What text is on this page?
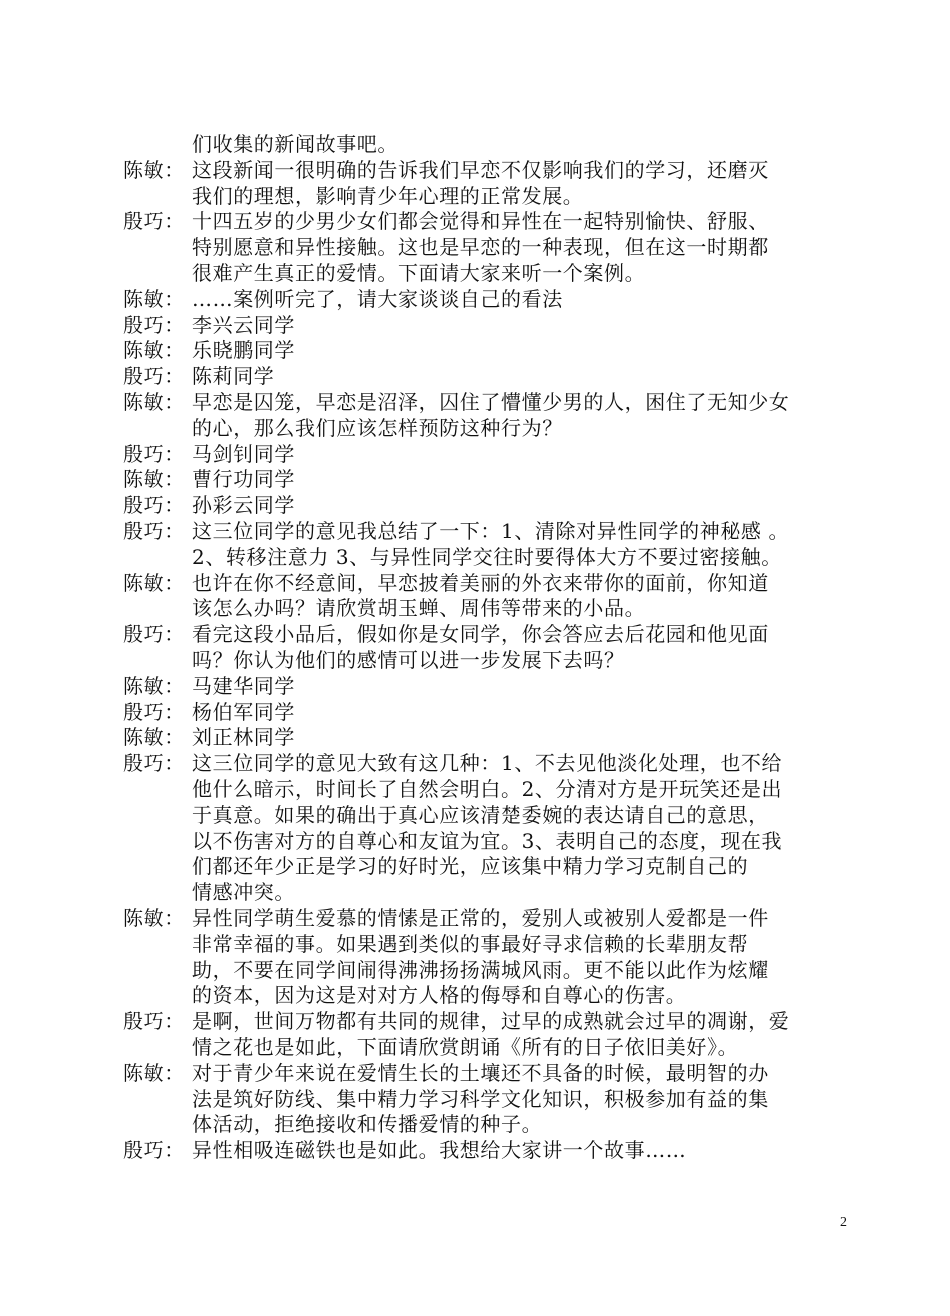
们收集的新闻故事吧。
陈敏： 这段新闻一很明确的告诉我们早恋不仅影响我们的学习，还磨灭
我们的理想，影响青少年心理的正常发展。
殷巧： 十四五岁的少男少女们都会觉得和异性在一起特别愉快、舒服、
特别愿意和异性接触。这也是早恋的一种表现，但在这一时期都
很难产生真正的爱情。下面请大家来听一个案例。
陈敏： ……案例听完了，请大家谈谈自己的看法
殷巧： 李兴云同学
陈敏： 乐晓鹏同学
殷巧： 陈莉同学
陈敏： 早恋是囚笼，早恋是沼泽，囚住了懵懂少男的人，困住了无知少女
的心，那么我们应该怎样预防这种行为？
殷巧： 马剑钊同学
陈敏： 曹行功同学
殷巧： 孙彩云同学
殷巧： 这三位同学的意见我总结了一下：1、清除对异性同学的神秘感 。
2、转移注意力 3、与异性同学交往时要得体大方不要过密接触。
陈敏： 也许在你不经意间，早恋披着美丽的外衣来带你的面前，你知道
该怎么办吗？请欣赏胡玉蝉、周伟等带来的小品。
殷巧： 看完这段小品后，假如你是女同学，你会答应去后花园和他见面
吗？你认为他们的感情可以进一步发展下去吗？
陈敏： 马建华同学
殷巧： 杨伯军同学
陈敏： 刘正林同学
殷巧： 这三位同学的意见大致有这几种：1、不去见他淡化处理，也不给
他什么暗示，时间长了自然会明白。2、分清对方是开玩笑还是出
于真意。如果的确出于真心应该清楚委婉的表达请自己的意思，
以不伤害对方的自尊心和友谊为宜。3、表明自己的态度，现在我
们都还年少正是学习的好时光，应该集中精力学习克制自己的
情感冲突。
陈敏： 异性同学萌生爱慕的情愫是正常的，爱别人或被别人爱都是一件
非常幸福的事。如果遇到类似的事最好寻求信赖的长辈朋友帮
助，不要在同学间闹得沸沸扬扬满城风雨。更不能以此作为炫耀
的资本，因为这是对对方人格的侮辱和自尊心的伤害。
殷巧： 是啊，世间万物都有共同的规律，过早的成熟就会过早的凋谢，爱
情之花也是如此，下面请欣赏朗诵《所有的日子依旧美好》。
陈敏： 对于青少年来说在爱情生长的土壤还不具备的时候，最明智的办
法是筑好防线、集中精力学习科学文化知识，积极参加有益的集
体活动，拒绝接收和传播爱情的种子。
殷巧： 异性相吸连磁铁也是如此。我想给大家讲一个故事……
2
